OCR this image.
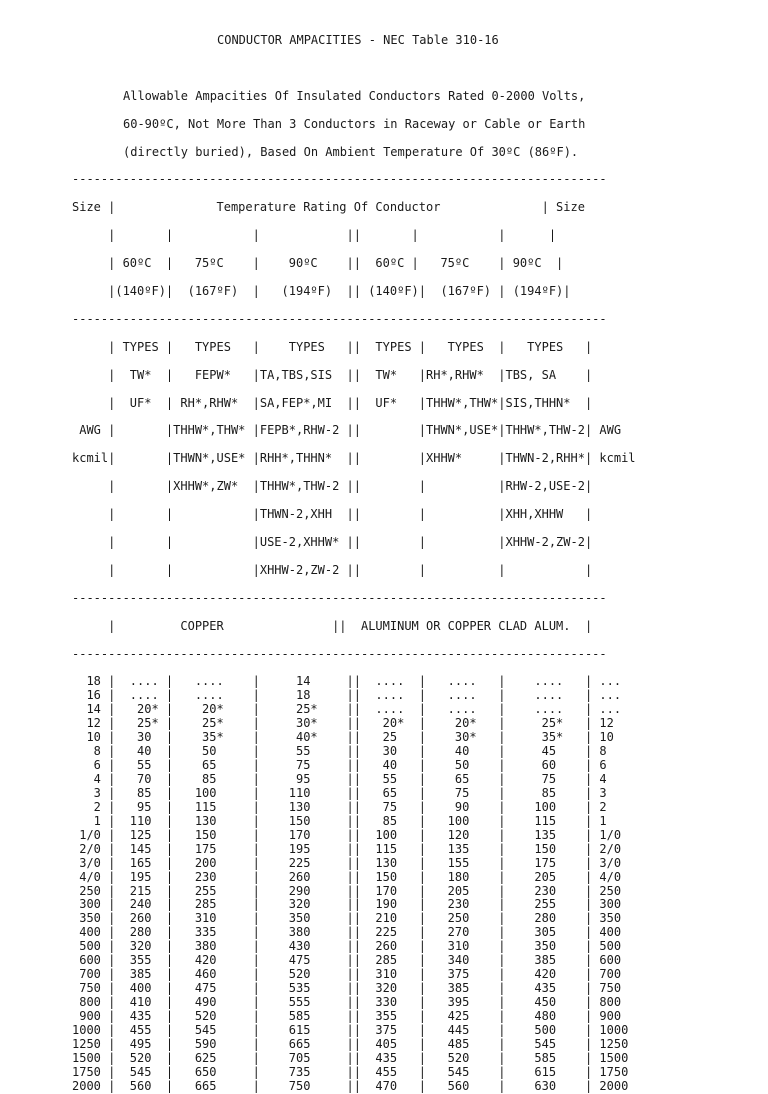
CONDUCTOR AMPACITIES - NEC Table 310-16

Allowable Ampacities Of Insulated Conductors Rated 0-2000 Volts,

60-90ºC, Not More Than 3 Conductors in Raceway or Cable or Earth

(directly buried), Based On Ambient Temperature Of 30ºC (86ºF).

--------------------------------------------------------------------------

Size |              Temperature Rating Of Conductor              | Size

|       |           |            ||       |           |      |

| 60ºC  |   75ºC    |    90ºC    ||  60ºC |   75ºC    | 90ºC  |

|(140ºF)|  (167ºF)  |   (194ºF)  || (140ºF)|  (167ºF) | (194ºF)|

--------------------------------------------------------------------------

| TYPES |   TYPES   |    TYPES   ||  TYPES |   TYPES  |   TYPES   |

|  TW*  |   FEPW*   |TA,TBS,SIS  ||  TW*   |RH*,RHW*  |TBS, SA    |

|  UF*  | RH*,RHW*  |SA,FEP*,MI  ||  UF*   |THHW*,THW*|SIS,THHN*  |

AWG |       |THHW*,THW* |FEPB*,RHW-2 ||        |THWN*,USE*|THHW*,THW-2| AWG

kcmil|       |THWN*,USE* |RHH*,THHN*  ||        |XHHW*     |THWN-2,RHH*| kcmil

|       |XHHW*,ZW*  |THHW*,THW-2 ||        |          |RHW-2,USE-2|

|       |           |THWN-2,XHH  ||        |          |XHH,XHHW   |

|       |           |USE-2,XHHW* ||        |          |XHHW-2,ZW-2|

|       |           |XHHW-2,ZW-2 ||        |          |           |

--------------------------------------------------------------------------

|         COPPER               ||  ALUMINUM OR COPPER CLAD ALUM.  |

--------------------------------------------------------------------------

18 |  .... |   ....    |     14     ||  ....  |   ....   |    ....   | ...
16 |  .... |   ....    |     18     ||  ....  |   ....   |    ....   | ...
14 |   20* |    20*    |     25*    ||  ....  |   ....   |    ....   | ...
12 |   25* |    25*    |     30*    ||   20*  |    20*   |     25*   | 12
10 |   30  |    35*    |     40*    ||   25   |    30*   |     35*   | 10
8 |   40  |    50     |     55     ||   30   |    40    |     45    | 8
6 |   55  |    65     |     75     ||   40   |    50    |     60    | 6
4 |   70  |    85     |     95     ||   55   |    65    |     75    | 4
3 |   85  |   100     |    110     ||   65   |    75    |     85    | 3
2 |   95  |   115     |    130     ||   75   |    90    |    100    | 2
1 |  110  |   130     |    150     ||   85   |   100    |    115    | 1
1/0 |  125  |   150     |    170     ||  100   |   120    |    135    | 1/0
2/0 |  145  |   175     |    195     ||  115   |   135    |    150    | 2/0
3/0 |  165  |   200     |    225     ||  130   |   155    |    175    | 3/0
4/0 |  195  |   230     |    260     ||  150   |   180    |    205    | 4/0
250 |  215  |   255     |    290     ||  170   |   205    |    230    | 250
300 |  240  |   285     |    320     ||  190   |   230    |    255    | 300
350 |  260  |   310     |    350     ||  210   |   250    |    280    | 350
400 |  280  |   335     |    380     ||  225   |   270    |    305    | 400
500 |  320  |   380     |    430     ||  260   |   310    |    350    | 500
600 |  355  |   420     |    475     ||  285   |   340    |    385    | 600
700 |  385  |   460     |    520     ||  310   |   375    |    420    | 700
750 |  400  |   475     |    535     ||  320   |   385    |    435    | 750
800 |  410  |   490     |    555     ||  330   |   395    |    450    | 800
900 |  435  |   520     |    585     ||  355   |   425    |    480    | 900
1000 |  455  |   545     |    615     ||  375   |   445    |    500    | 1000
1250 |  495  |   590     |    665     ||  405   |   485    |    545    | 1250
1500 |  520  |   625     |    705     ||  435   |   520    |    585    | 1500
1750 |  545  |   650     |    735     ||  455   |   545    |    615    | 1750
2000 |  560  |   665     |    750     ||  470   |   560    |    630    | 2000
